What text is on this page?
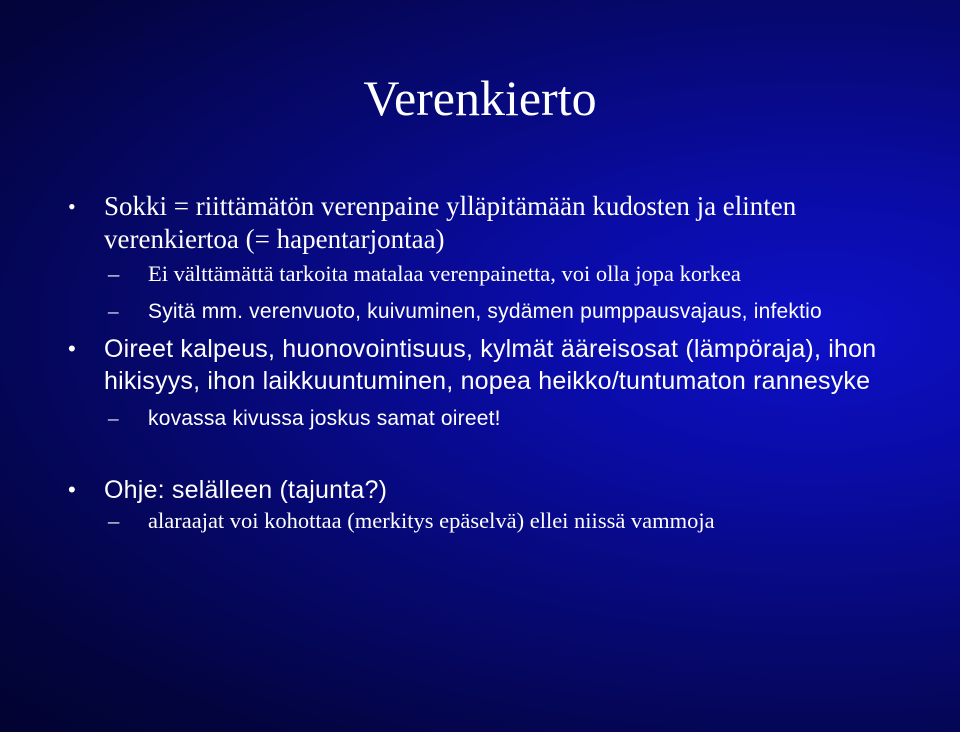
Verenkierto
• Sokki = riittämätön verenpaine ylläpitämään kudosten ja elinten verenkiertoa (= hapentarjontaa)
– Ei välttämättä tarkoita matalaa verenpainetta, voi olla jopa korkea
– Syitä mm. verenvuoto, kuivuminen, sydämen pumppausvajaus, infektio
• Oireet kalpeus, huonovointisuus, kylmät ääreisosat (lämpöraja), ihon hikisyys, ihon laikkuuntuminen, nopea heikko/tuntumaton rannesyke
– kovassa kivussa joskus samat oireet!
• Ohje: selälleen (tajunta?)
– alaraajat voi kohottaa (merkitys epäselvä) ellei niissä vammoja
